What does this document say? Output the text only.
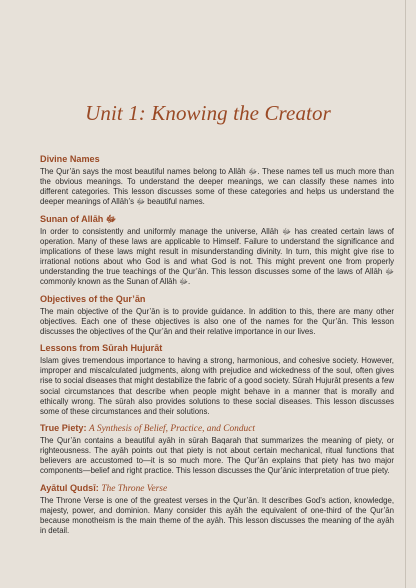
Unit 1: Knowing the Creator
Divine Names
The Qur’ān says the most beautiful names belong to Allāh ﷻ. These names tell us much more than the obvious meanings. To understand the deeper meanings, we can classify these names into different categories. This lesson discusses some of these categories and helps us understand the deeper meanings of Allāh’s ﷻ beautiful names.
Sunan of Allāh ﷻ
In order to consistently and uniformly manage the universe, Allāh ﷻ has created certain laws of operation. Many of these laws are applicable to Himself. Failure to understand the significance and implications of these laws might result in misunderstanding divinity. In turn, this might give rise to irrational notions about who God is and what God is not. This might prevent one from properly understanding the true teachings of the Qur’ān. This lesson discusses some of the laws of Allāh ﷻ commonly known as the Sunan of Allāh ﷻ.
Objectives of the Qur’ān
The main objective of the Qur’ān is to provide guidance. In addition to this, there are many other objectives. Each one of these objectives is also one of the names for the Qur’ān. This lesson discusses the objectives of the Qur’ān and their relative importance in our lives.
Lessons from Sūrah Hujurāt
Islam gives tremendous importance to having a strong, harmonious, and cohesive society. However, improper and miscalculated judgments, along with prejudice and wickedness of the soul, often gives rise to social diseases that might destabilize the fabric of a good society. Sūrah Hujurāt presents a few social circumstances that describe when people might behave in a manner that is morally and ethically wrong. The sūrah also provides solutions to these social diseases. This lesson discusses some of these circumstances and their solutions.
True Piety: A Synthesis of Belief, Practice, and Conduct
The Qur’ān contains a beautiful ayāh in sūrah Baqarah that summarizes the meaning of piety, or righteousness. The ayāh points out that piety is not about certain mechanical, ritual functions that believers are accustomed to—it is so much more. The Qur’ān explains that piety has two major components—belief and right practice. This lesson discusses the Qur’ānic interpretation of true piety.
Ayātul Qudsī: The Throne Verse
The Throne Verse is one of the greatest verses in the Qur’ān. It describes God’s action, knowledge, majesty, power, and dominion. Many consider this ayāh the equivalent of one-third of the Qur’ān because monotheism is the main theme of the ayāh. This lesson discusses the meaning of the ayāh in detail.
